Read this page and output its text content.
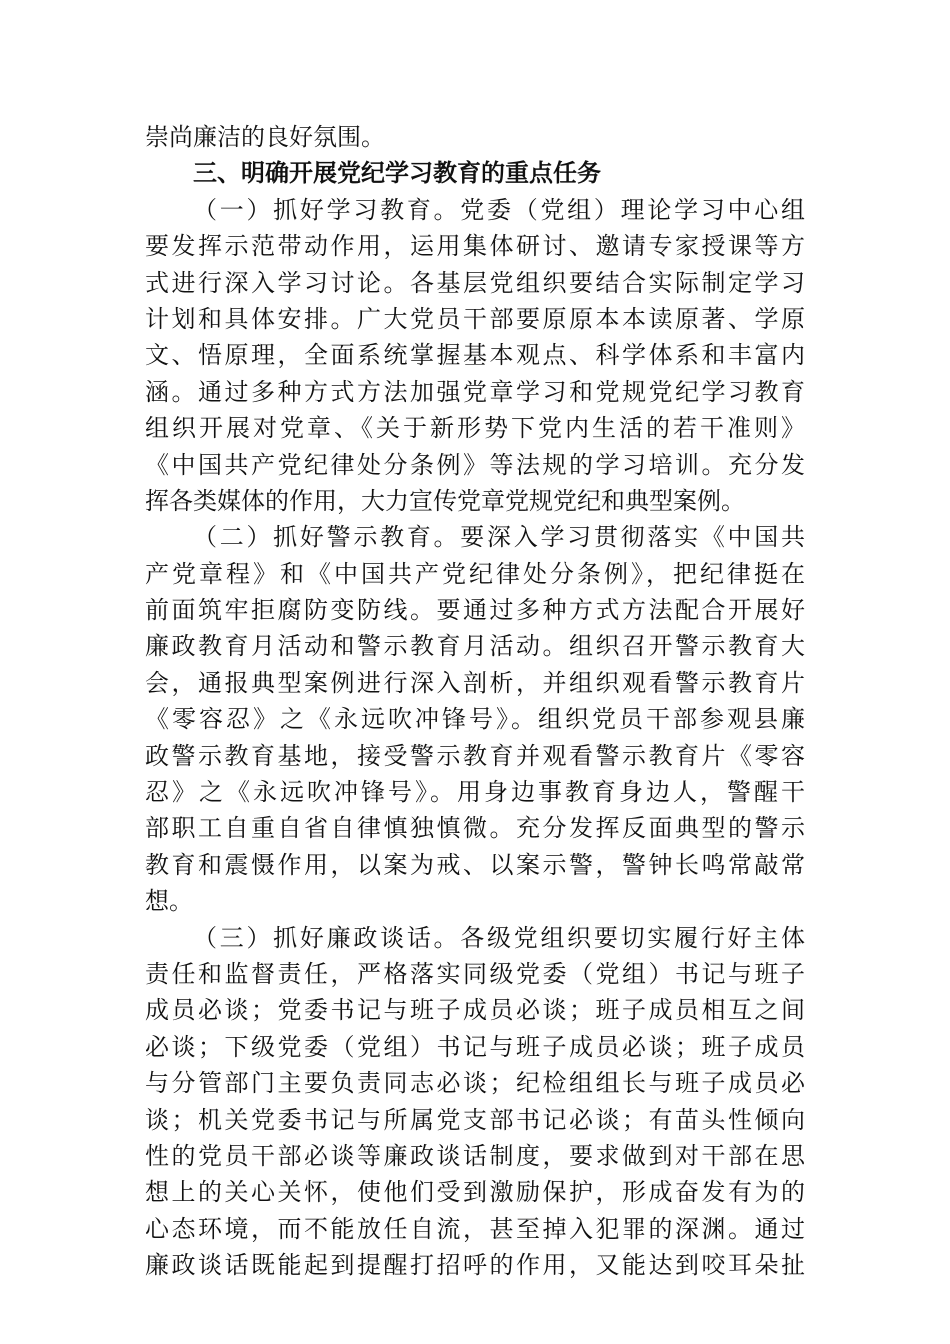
崇尚廉洁的良好氛围。
三、明确开展党纪学习教育的重点任务
（一）抓好学习教育。党委（党组）理论学习中心组
要发挥示范带动作用，运用集体研讨、邀请专家授课等方
式进行深入学习讨论。各基层党组织要结合实际制定学习
计划和具体安排。广大党员干部要原原本本读原著、学原
文、悟原理，全面系统掌握基本观点、科学体系和丰富内
涵。通过多种方式方法加强党章学习和党规党纪学习教育
组织开展对党章、《关于新形势下党内生活的若干准则》
《中国共产党纪律处分条例》等法规的学习培训。充分发
挥各类媒体的作用，大力宣传党章党规党纪和典型案例。
（二）抓好警示教育。要深入学习贯彻落实《中国共
产党章程》和《中国共产党纪律处分条例》，把纪律挺在
前面筑牢拒腐防变防线。要通过多种方式方法配合开展好
廉政教育月活动和警示教育月活动。组织召开警示教育大
会，通报典型案例进行深入剖析，并组织观看警示教育片
《零容忍》之《永远吹冲锋号》。组织党员干部参观县廉
政警示教育基地，接受警示教育并观看警示教育片《零容
忍》之《永远吹冲锋号》。用身边事教育身边人，警醒干
部职工自重自省自律慎独慎微。充分发挥反面典型的警示
教育和震慑作用，以案为戒、以案示警，警钟长鸣常敲常
想。
（三）抓好廉政谈话。各级党组织要切实履行好主体
责任和监督责任，严格落实同级党委（党组）书记与班子
成员必谈；党委书记与班子成员必谈；班子成员相互之间
必谈；下级党委（党组）书记与班子成员必谈；班子成员
与分管部门主要负责同志必谈；纪检组组长与班子成员必
谈；机关党委书记与所属党支部书记必谈；有苗头性倾向
性的党员干部必谈等廉政谈话制度，要求做到对干部在思
想上的关心关怀，使他们受到激励保护，形成奋发有为的
心态环境，而不能放任自流，甚至掉入犯罪的深渊。通过
廉政谈话既能起到提醒打招呼的作用，又能达到咬耳朵扯
